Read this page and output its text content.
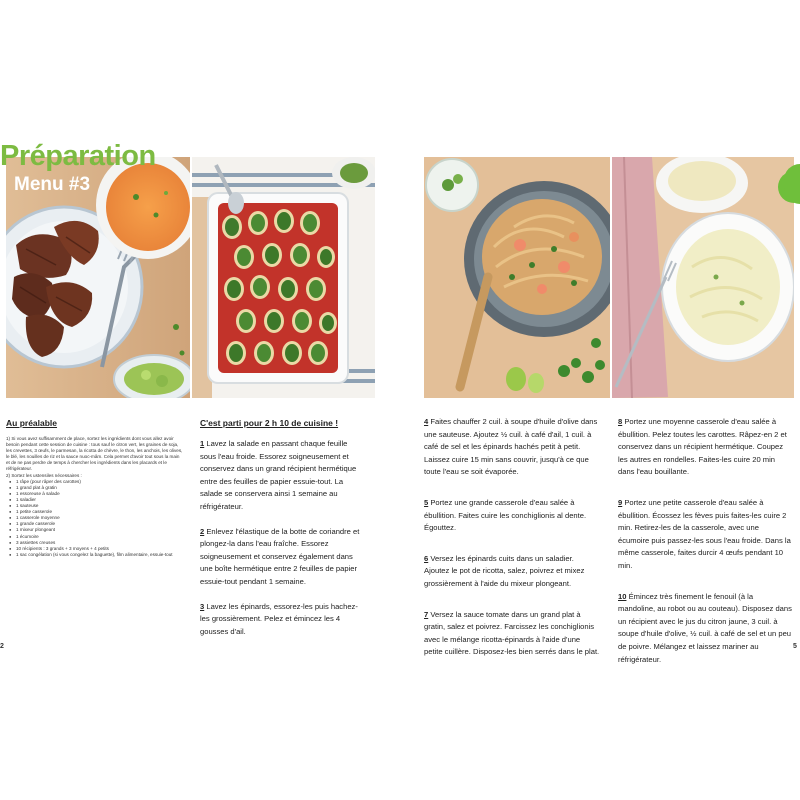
Préparation
Menu #3
Au préalable
1) Si vous avez suffisamment de place, sortez les ingrédients dont vous allez avoir besoin pendant cette session de cuisine : tous sauf le citron vert, les graines de soja, les crevettes, 3 œufs, le parmesan, la ricotta de chèvre, le thon, les anchois, les olives, le blé, les nouilles de riz et la sauce nuoc-mâm. Cela permet d'avoir tout sous la main et de ne pas perdre de temps à chercher les ingrédients dans les placards et le réfrigérateur.
2) Sortez les ustensiles nécessaires :
● 1 râpe (pour râper des carottes)
● 1 grand plat à gratin
● 1 essoreuse à salade
● 1 saladier
● 1 sauteuse
● 1 petite casserole
● 1 casserole moyenne
● 1 grande casserole
● 1 mixeur plongeant
● 1 écumoire
● 3 assiettes creuses
● 10 récipients : 3 grands + 3 moyens + 4 petits
● 1 sac congélation (si vous congelez la baguette), film alimentaire, essuie-tout
2
C'est parti pour 2 h 10 de cuisine !

1 Lavez la salade en passant chaque feuille sous l'eau froide. Essorez soigneusement et conservez dans un grand récipient hermétique entre des feuilles de papier essuie-tout. La salade se conservera ainsi 1 semaine au réfrigérateur.

2 Enlevez l'élastique de la botte de coriandre et plongez-la dans l'eau fraîche. Essorez soigneusement et conservez également dans une boîte hermétique entre 2 feuilles de papier essuie-tout pendant 1 semaine.

3 Lavez les épinards, essorez-les puis hachez-les grossièrement. Pelez et émincez les 4 gousses d'ail.

4 Faites chauffer 2 cuil. à soupe d'huile d'olive dans une sauteuse. Ajoutez ½ cuil. à café d'ail, 1 cuil. à café de sel et les épinards hachés petit à petit. Laissez cuire 15 min sans couvrir, jusqu'à ce que toute l'eau se soit évaporée.

5 Portez une grande casserole d'eau salée à ébullition. Faites cuire les conchiglionis al dente. Égouttez.

6 Versez les épinards cuits dans un saladier. Ajoutez le pot de ricotta, salez, poivrez et mixez grossièrement à l'aide du mixeur plongeant.

7 Versez la sauce tomate dans un grand plat à gratin, salez et poivrez. Farcissez les conchiglionis avec le mélange ricotta-épinards à l'aide d'une petite cuillère. Disposez-les bien serrés dans le plat.

8 Portez une moyenne casserole d'eau salée à ébullition. Pelez toutes les carottes. Râpez-en 2 et conservez dans un récipient hermétique. Coupez les autres en rondelles. Faites-les cuire 20 min dans l'eau bouillante.

9 Portez une petite casserole d'eau salée à ébullition. Écossez les fèves puis faites-les cuire 2 min. Retirez-les de la casserole, avec une écumoire puis passez-les sous l'eau froide. Dans la même casserole, faites durcir 4 œufs pendant 10 min.

10 Émincez très finement le fenouil (à la mandoline, au robot ou au couteau). Disposez dans un récipient avec le jus du citron jaune, 3 cuil. à soupe d'huile d'olive, ½ cuil. à café de sel et un peu de poivre. Mélangez et laissez mariner au réfrigérateur.

5
